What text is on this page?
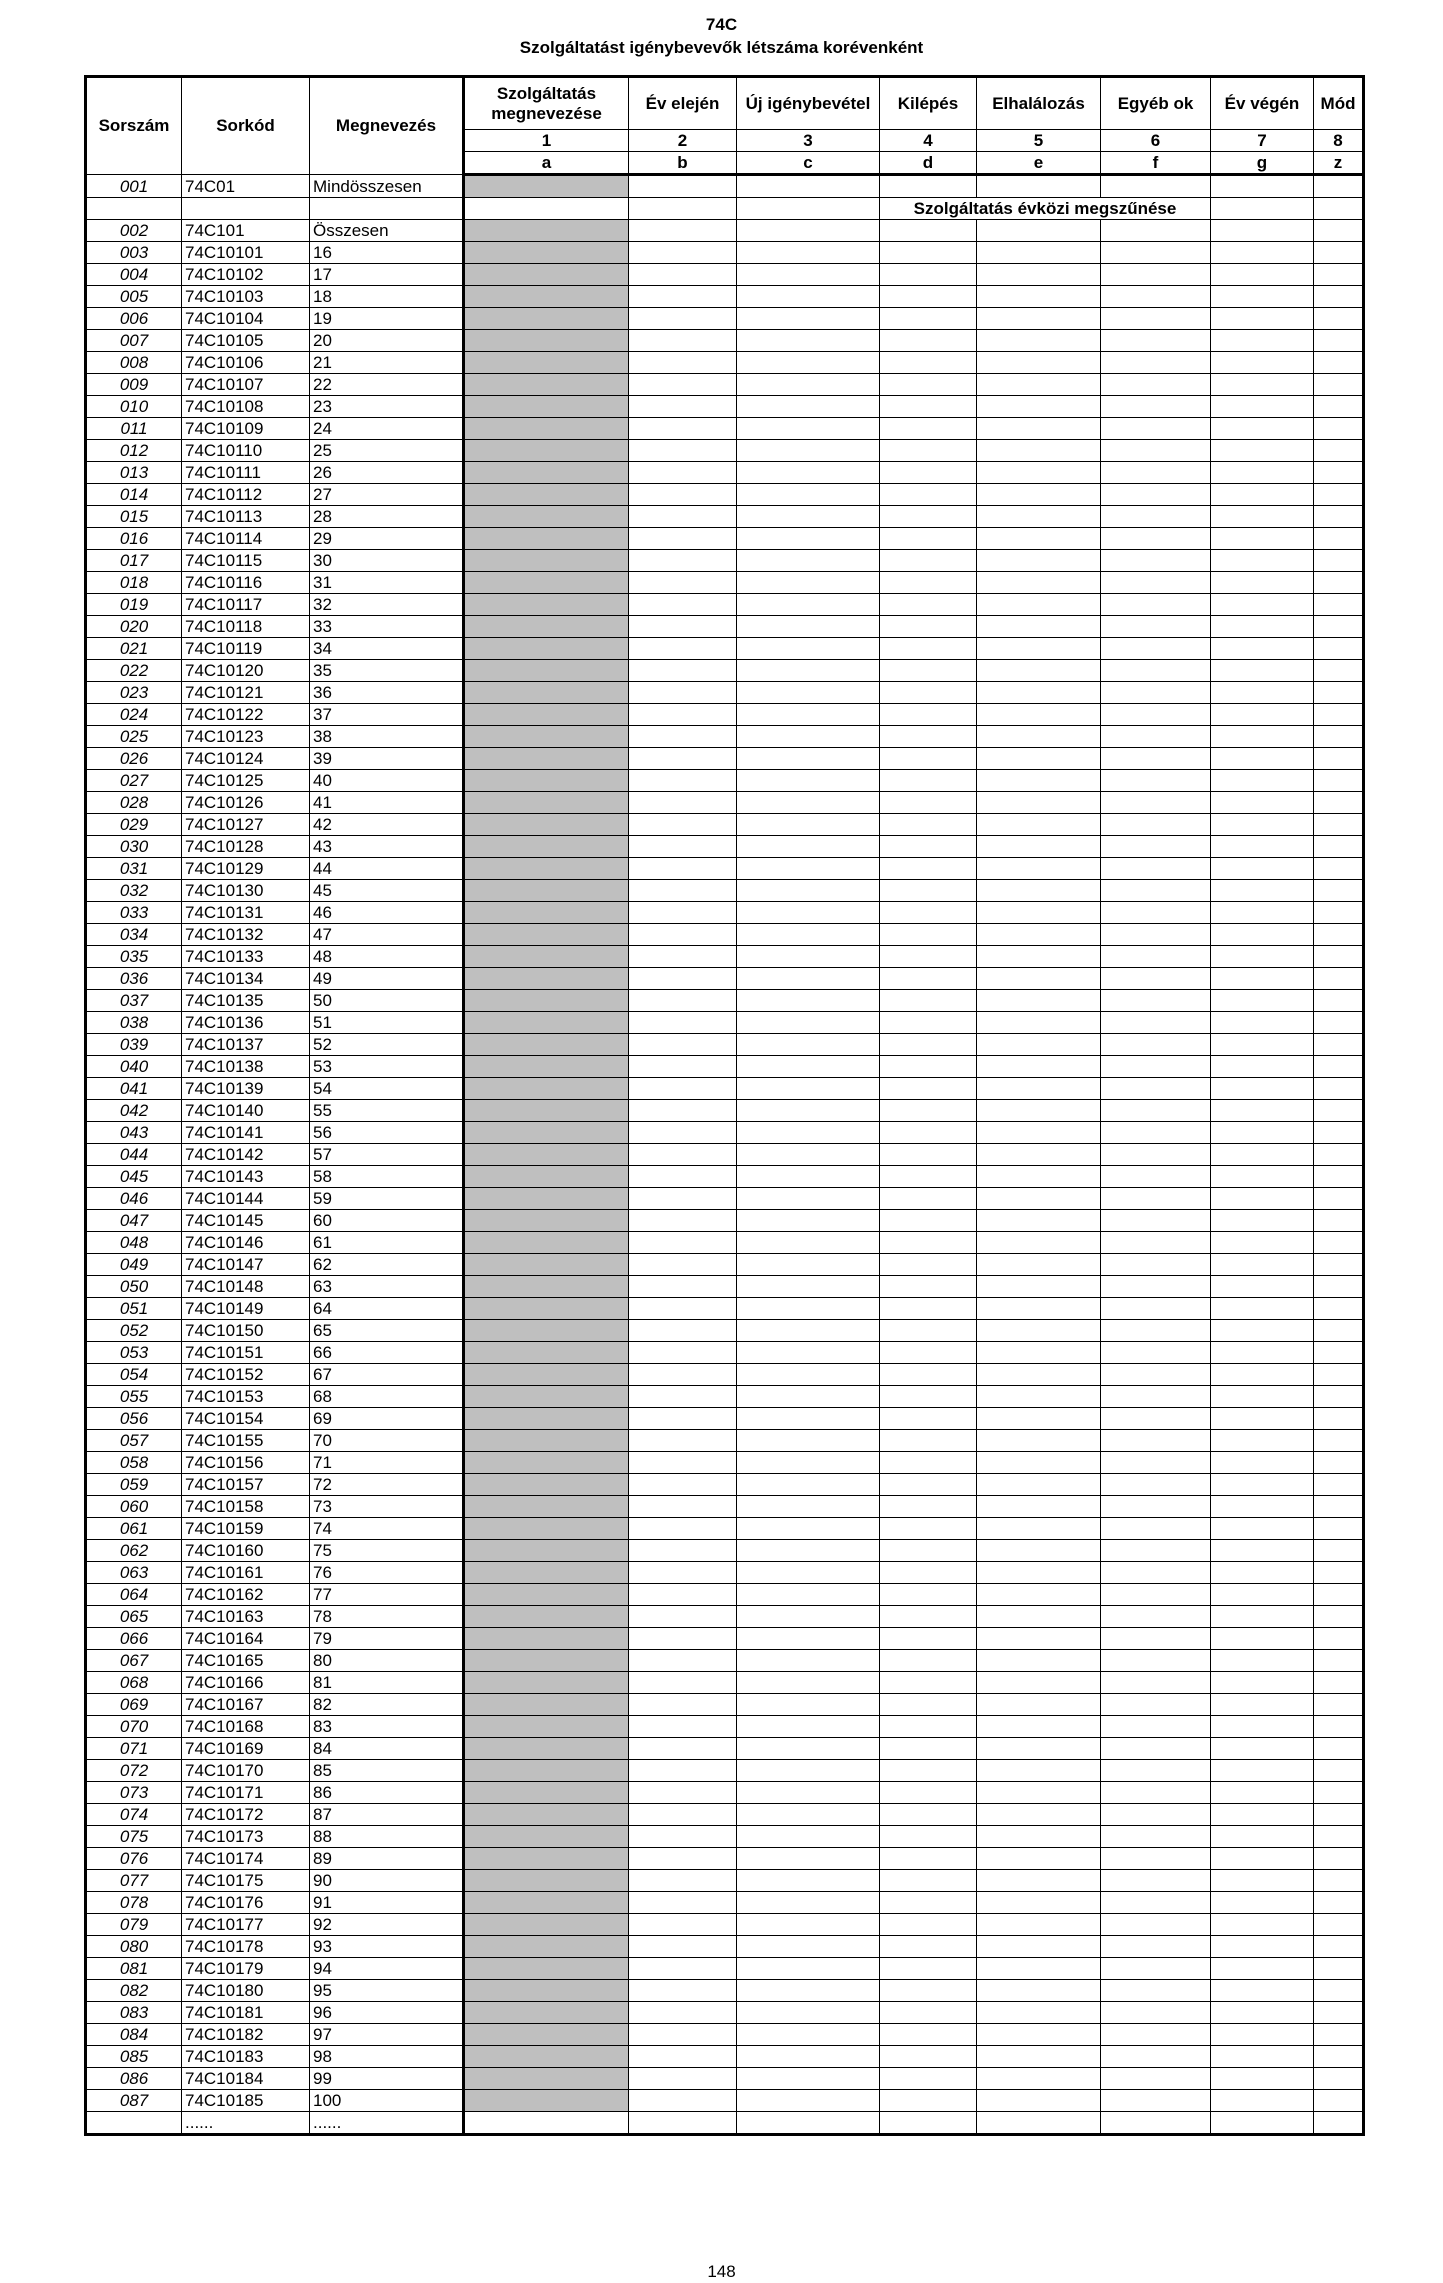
74C
Szolgáltatást igénybevevők létszáma korévenként
Sorszám	Sorkód	Megnevezés	Szolgáltatás megnevezése	Év elején	Új igénybevétel	Kilépés	Elhalálozás	Egyéb ok	Év végén	Mód
			1	2	3	4	5	6	7	8
			a	b	c	d	e	f	g	z
001	74C01	Mindösszesen								
						Szolgáltatás évközi megszűnése				
002	74C101	Összesen								
003	74C10101	16								
004	74C10102	17								
005	74C10103	18								
006	74C10104	19								
007	74C10105	20								
008	74C10106	21								
009	74C10107	22								
010	74C10108	23								
011	74C10109	24								
012	74C10110	25								
013	74C10111	26								
014	74C10112	27								
015	74C10113	28								
016	74C10114	29								
017	74C10115	30								
018	74C10116	31								
019	74C10117	32								
020	74C10118	33								
021	74C10119	34								
022	74C10120	35								
023	74C10121	36								
024	74C10122	37								
025	74C10123	38								
026	74C10124	39								
027	74C10125	40								
028	74C10126	41								
029	74C10127	42								
030	74C10128	43								
031	74C10129	44								
032	74C10130	45								
033	74C10131	46								
034	74C10132	47								
035	74C10133	48								
036	74C10134	49								
037	74C10135	50								
038	74C10136	51								
039	74C10137	52								
040	74C10138	53								
041	74C10139	54								
042	74C10140	55								
043	74C10141	56								
044	74C10142	57								
045	74C10143	58								
046	74C10144	59								
047	74C10145	60								
048	74C10146	61								
049	74C10147	62								
050	74C10148	63								
051	74C10149	64								
052	74C10150	65								
053	74C10151	66								
054	74C10152	67								
055	74C10153	68								
056	74C10154	69								
057	74C10155	70								
058	74C10156	71								
059	74C10157	72								
060	74C10158	73								
061	74C10159	74								
062	74C10160	75								
063	74C10161	76								
064	74C10162	77								
065	74C10163	78								
066	74C10164	79								
067	74C10165	80								
068	74C10166	81								
069	74C10167	82								
070	74C10168	83								
071	74C10169	84								
072	74C10170	85								
073	74C10171	86								
074	74C10172	87								
075	74C10173	88								
076	74C10174	89								
077	74C10175	90								
078	74C10176	91								
079	74C10177	92								
080	74C10178	93								
081	74C10179	94								
082	74C10180	95								
083	74C10181	96								
084	74C10182	97								
085	74C10183	98								
086	74C10184	99								
087	74C10185	100								
	......	......								
148
